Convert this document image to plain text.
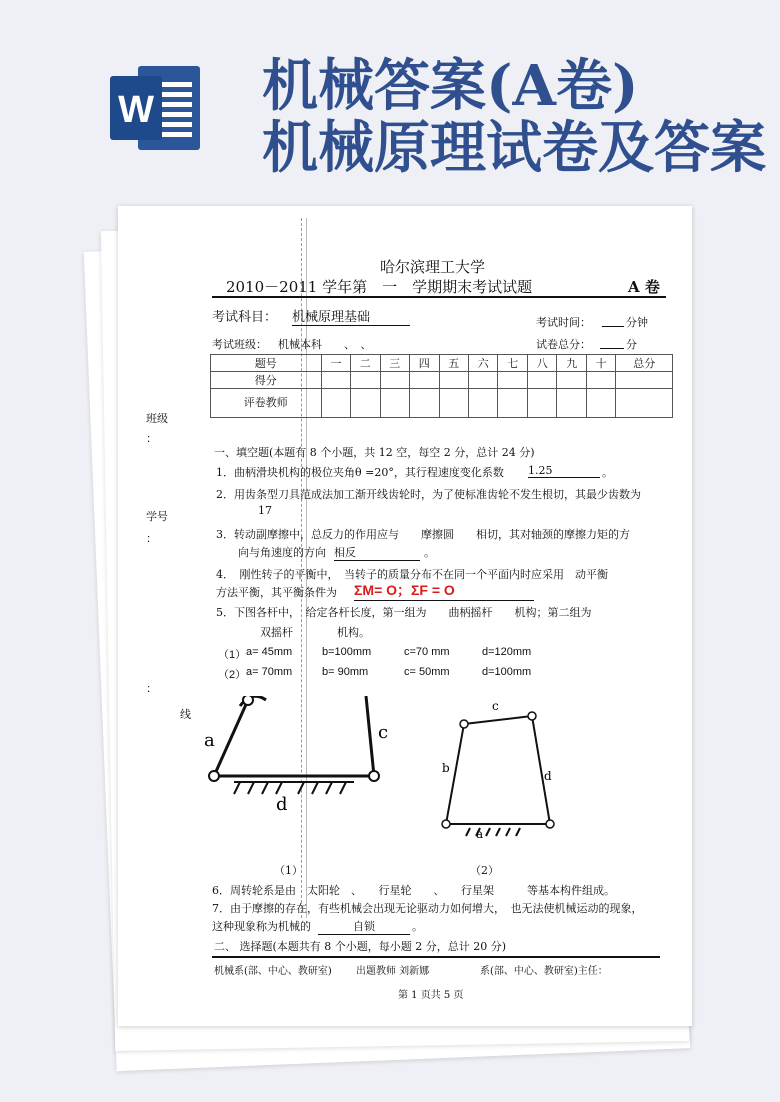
W 机械答案(A卷)
机械原理试卷及答案
班级
：
学号
：
：
线
哈尔滨理工大学
2010－2011 学年第　一　学期期末考试试题	A 卷
考试科目： 机械原理基础	考试时间：	分钟
考试班级： 机械本科　　、　、	试卷总分：	分
题号	一	二	三	四	五	六	七	八	九	十	总分
得分											
评卷教师											
一、填空题(本题有 8 个小题，共 12 空，每空 2 分，总计 24 分)
1．曲柄滑块机构的极位夹角θ =20°，其行程速度变化系数 1.25	。
2．用齿条型刀具范成法加工渐开线齿轮时，为了使标准齿轮不发生根切，其最少齿数为
17
3．转动副摩擦中，总反力的作用应与　　摩擦圆　　相切，其对轴颈的摩擦力矩的方
向与角速度的方向 相反	。
4．　刚性转子的平衡中，　当转子的质量分布不在同一个平面内时应采用　动平衡
方法平衡，其平衡条件为 ΣM= O；ΣF = O
5．下图各杆中，　给定各杆长度，第一组为　　曲柄摇杆　　机构；第二组为
双摇杆　　　　机构。
（1） a= 45mm	b=100mm	c=70 mm	d=120mm
（2） a= 70mm	b= 90mm	c= 50mm	d=100mm
a	c
d
c
b
d
a
（1）	（2）
6．周转轮系是由　太阳轮　、　　行星轮　　、　　行星架　　　等基本构件组成。
7．由于摩擦的存在，有些机械会出现无论驱动力如何增大，　也无法使机械运动的现象，
这种现象称为机械的	自锁	。
二、 选择题(本题共有 8 个小题，每小题 2 分，总计 20 分)
机械系(部、中心、教研室) 出题教师 刘新娜	系(部、中心、教研室)主任：
第 1 页共 5 页
